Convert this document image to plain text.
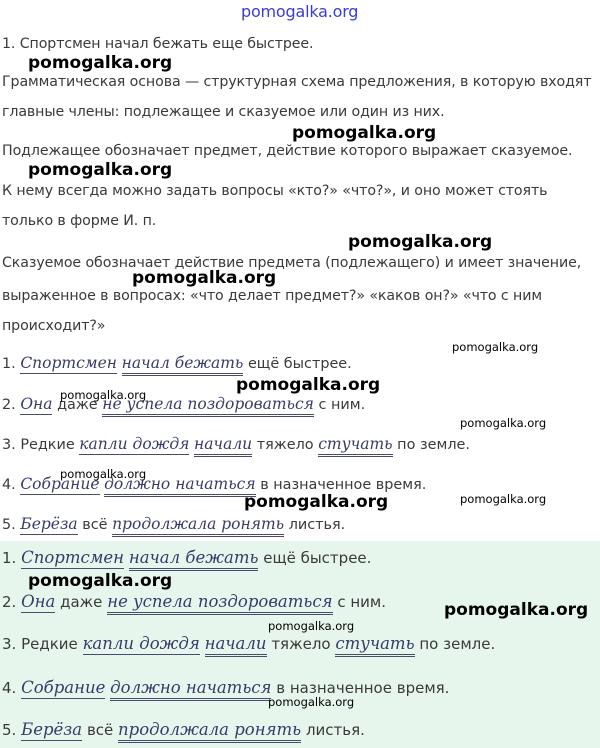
pomogalka.org
1. Спортсмен начал бежать еще быстрее.
Грамматическая основа — структурная схема предложения, в которую входят
главные члены: подлежащее и сказуемое или один из них.
Подлежащее обозначает предмет, действие которого выражает сказуемое.
К нему всегда можно задать вопросы «кто?» «что?», и оно может стоять
только в форме И. п.
Сказуемое обозначает действие предмета (подлежащего) и имеет значение,
выраженное в вопросах: «что делает предмет?» «каков он?» «что с ним
происходит?»
1. Спортсмен начал бежать ещё быстрее.
2. Она даже не успела поздороваться с ним.
3. Редкие капли дождя начали тяжело стучать по земле.
4. Собрание должно начаться в назначенное время.
5. Берёза всё продолжала ронять листья.
1. Спортсмен начал бежать ещё быстрее.
2. Она даже не успела поздороваться с ним.
3. Редкие капли дождя начали тяжело стучать по земле.
4. Собрание должно начаться в назначенное время.
5. Берёза всё продолжала ронять листья.
pomogalka.org
pomogalka.org
pomogalka.org
pomogalka.org
pomogalka.org
pomogalka.org
pomogalka.org
pomogalka.org
pomogalka.org
pomogalka.org
pomogalka.org	pomogalka.org
pomogalka.org
pomogalka.org
pomogalka.org
pomogalka.org
